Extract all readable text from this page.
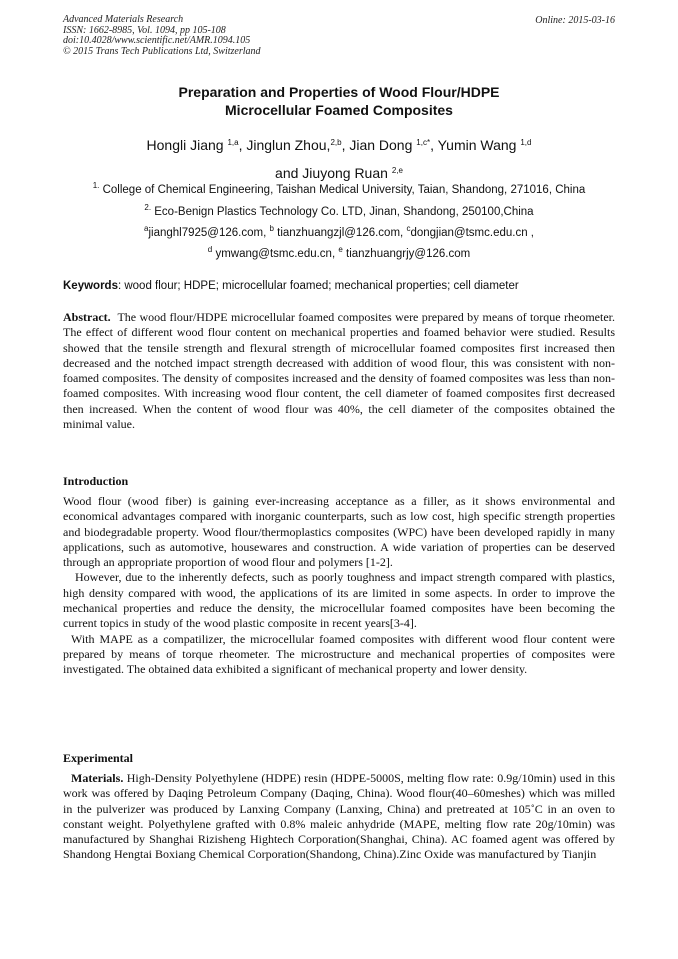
Advanced Materials Research
ISSN: 1662-8985, Vol. 1094, pp 105-108
doi:10.4028/www.scientific.net/AMR.1094.105
© 2015 Trans Tech Publications Ltd, Switzerland
Online: 2015-03-16
Preparation and Properties of Wood Flour/HDPE
Microcellular Foamed Composites
Hongli Jiang $^{1,a}$, Jinglun Zhou,$^{2,b}$, Jian Dong $^{1,c*}$, Yumin Wang $^{1,d}$
and Jiuyong Ruan $^{2,e}$
$^{1.}$ College of Chemical Engineering, Taishan Medical University, Taian, Shandong, 271016, China
$^{2.}$ Eco-Benign Plastics Technology Co. LTD, Jinan, Shandong, 250100,China
$^a$jianghl7925@126.com, $^b$ tianzhuangzjl@126.com, $^c$dongjian@tsmc.edu.cn ,
$^d$ ymwang@tsmc.edu.cn, $^e$ tianzhuangrjy@126.com
Keywords: wood flour; HDPE; microcellular foamed; mechanical properties; cell diameter

Abstract. The wood flour/HDPE microcellular foamed composites were prepared by means of torque rheometer. The effect of different wood flour content on mechanical properties and foamed behavior were studied. Results showed that the tensile strength and flexural strength of microcellular foamed composites first increased then decreased and the notched impact strength decreased with addition of wood flour, this was consistent with non-foamed composites. The density of composites increased and the density of foamed composites was less than non-foamed composites. With increasing wood flour content, the cell diameter of foamed composites first decreased then increased. When the content of wood flour was 40%, the cell diameter of the composites obtained the minimal value.

Introduction

Wood flour (wood fiber) is gaining ever-increasing acceptance as a filler, as it shows environmental and economical advantages compared with inorganic counterparts, such as low cost, high specific strength properties and biodegradable property. Wood flour/thermoplastics composites (WPC) have been developed rapidly in many applications, such as automotive, housewares and construction. A wide variation of properties can be deserved through an appropriate proportion of wood flour and polymers [1-2].

However, due to the inherently defects, such as poorly toughness and impact strength compared with plastics, high density compared with wood, the applications of its are limited in some aspects. In order to improve the mechanical properties and reduce the density, the microcellular foamed composites have been becoming the current topics in study of the wood plastic composite in recent years[3-4].

With MAPE as a compatilizer, the microcellular foamed composites with different wood flour content were prepared by means of torque rheometer. The microstructure and mechanical properties of composites were investigated. The obtained data exhibited a significant of mechanical property and lower density.

Experimental

Materials. High-Density Polyethylene (HDPE) resin (HDPE-5000S, melting flow rate: 0.9g/10min) used in this work was offered by Daqing Petroleum Company (Daqing, China). Wood flour(40–60meshes) which was milled in the pulverizer was produced by Lanxing Company (Lanxing, China) and pretreated at 105˚C in an oven to constant weight. Polyethylene grafted with 0.8% maleic anhydride (MAPE, melting flow rate 20g/10min) was manufactured by Shanghai Rizisheng Hightech Corporation(Shanghai, China). AC foamed agent was offered by Shandong Hengtai Boxiang Chemical Corporation(Shandong, China).Zinc Oxide was manufactured by Tianjin
